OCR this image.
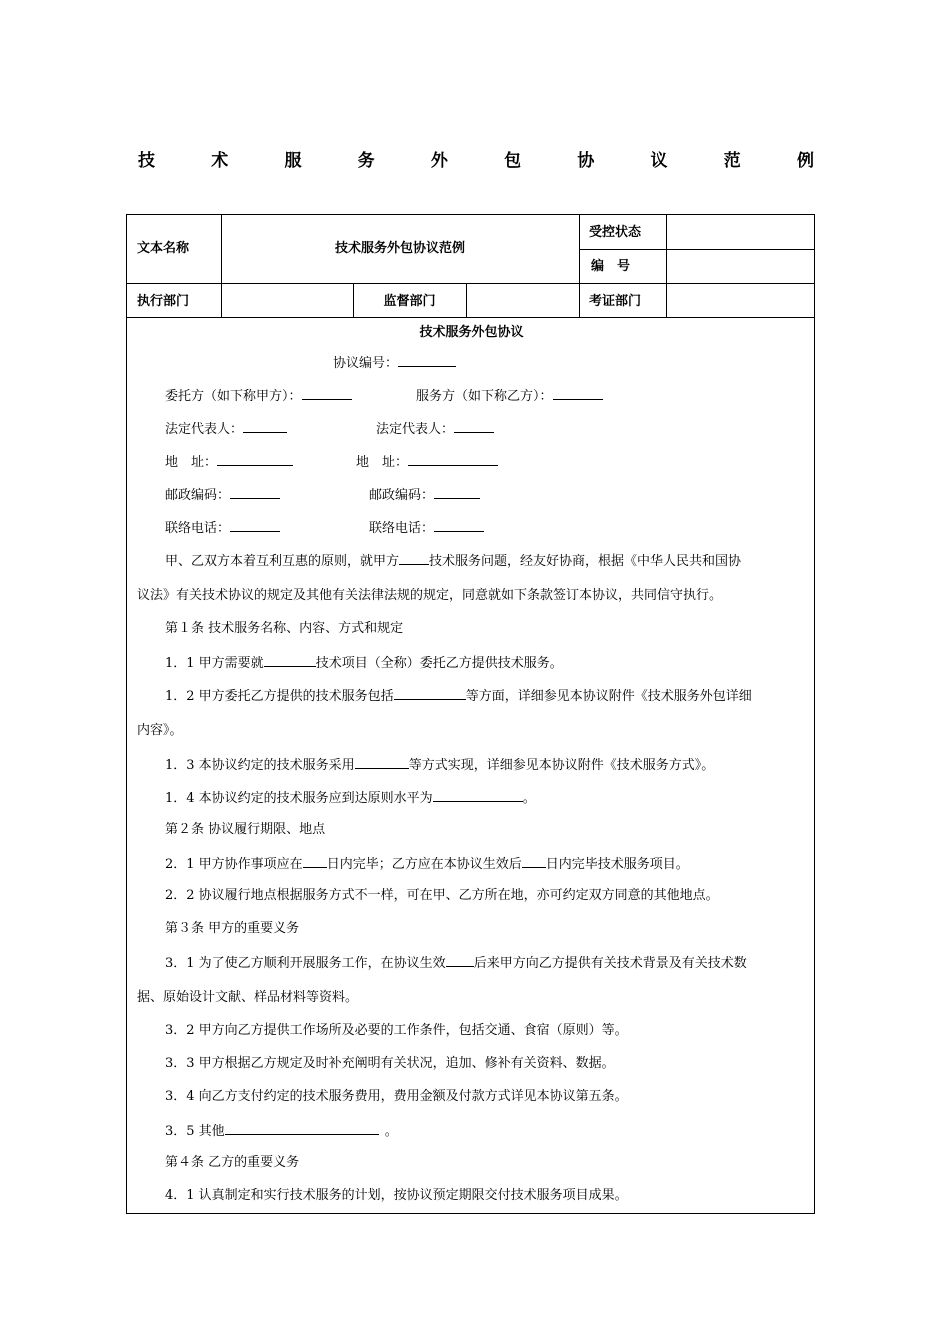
技	术	服	务	外	包	协	议	范	例
文本名称	技术服务外包协议范例
受控状态
编　号
执行部门	监督部门	考证部门
技术服务外包协议
协议编号：
委托方（如下称甲方）：	服务方（如下称乙方）：
法定代表人：	法定代表人：
地　址：	地　址：
邮政编码：	邮政编码：
联络电话：	联络电话：
甲、乙双方本着互利互惠的原则，就甲方 技术服务问题，经友好协商，根据《中华人民共和国协
议法》有关技术协议的规定及其他有关法律法规的规定，同意就如下条款签订本协议，共同信守执行。
第１条 技术服务名称、内容、方式和规定
1．1 甲方需要就	技术项目（全称）委托乙方提供技术服务。
1．2 甲方委托乙方提供的技术服务包括	等方面，详细参见本协议附件《技术服务外包详细
内容》。
1．3 本协议约定的技术服务采用	等方式实现，详细参见本协议附件《技术服务方式》。
1．4 本协议约定的技术服务应到达原则水平为	。
第２条 协议履行期限、地点
2．1 甲方协作事项应在 日内完毕；乙方应在本协议生效后 日内完毕技术服务项目。
2．2 协议履行地点根据服务方式不一样，可在甲、乙方所在地，亦可约定双方同意的其他地点。
第３条 甲方的重要义务
3．1 为了使乙方顺利开展服务工作，在协议生效 后来甲方向乙方提供有关技术背景及有关技术数
据、原始设计文献、样品材料等资料。
3．2 甲方向乙方提供工作场所及必要的工作条件，包括交通、食宿（原则）等。
3．3 甲方根据乙方规定及时补充阐明有关状况，追加、修补有关资料、数据。
3．4 向乙方支付约定的技术服务费用，费用金额及付款方式详见本协议第五条。
3．5 其他	。
第４条 乙方的重要义务
4．1 认真制定和实行技术服务的计划，按协议预定期限交付技术服务项目成果。
